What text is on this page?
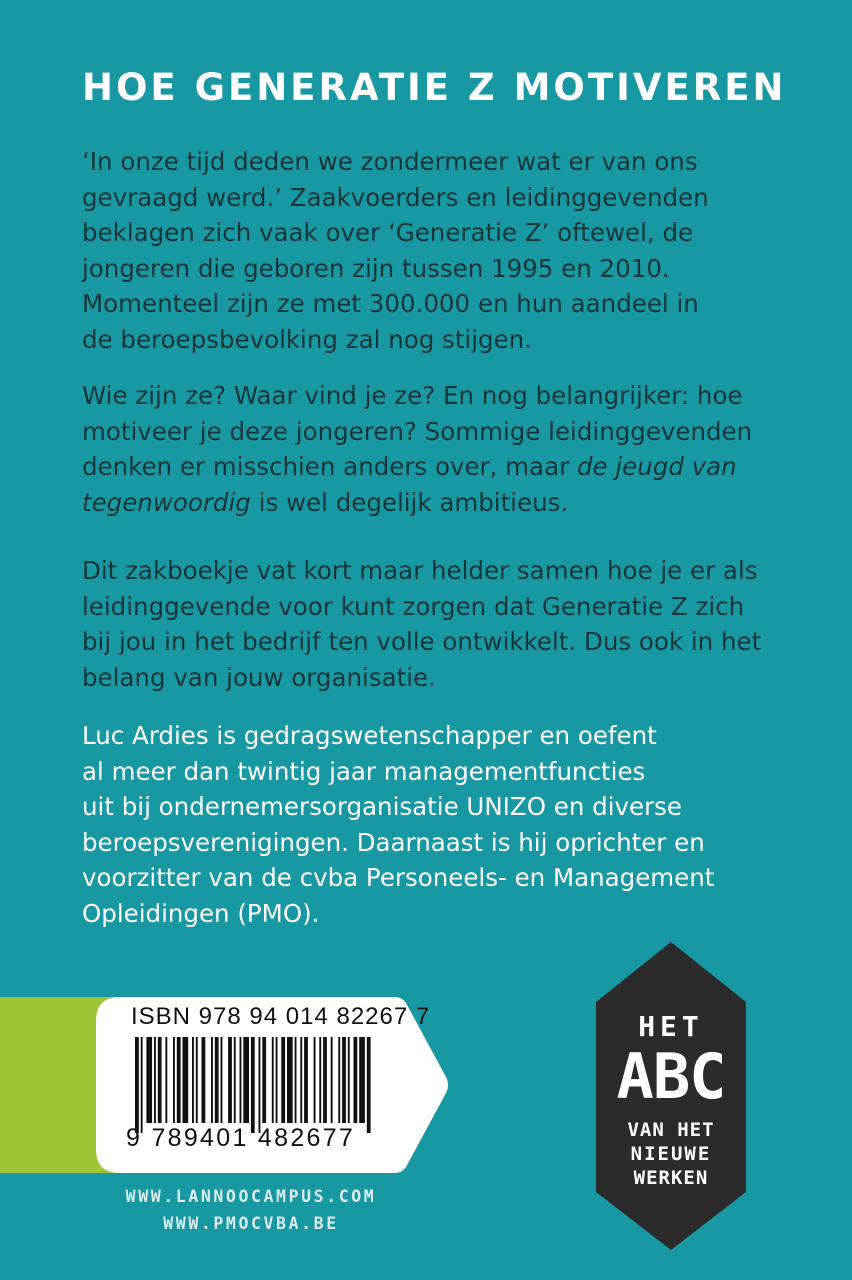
HOE GENERATIE Z MOTIVEREN
‘In onze tijd deden we zondermeer wat er van ons
gevraagd werd.’ Zaakvoerders en leidinggevenden
beklagen zich vaak over ‘Generatie Z’ oftewel, de
jongeren die geboren zijn tussen 1995 en 2010.
Momenteel zijn ze met 300.000 en hun aandeel in
de beroepsbevolking zal nog stijgen.
Wie zijn ze? Waar vind je ze? En nog belangrijker: hoe
motiveer je deze jongeren? Sommige leidinggevenden
denken er misschien anders over, maar de jeugd van
tegenwoordig is wel degelijk ambitieus.
Dit zakboekje vat kort maar helder samen hoe je er als
leidinggevende voor kunt zorgen dat Generatie Z zich
bij jou in het bedrijf ten volle ontwikkelt. Dus ook in het
belang van jouw organisatie.
Luc Ardies is gedragswetenschapper en oefent
al meer dan twintig jaar managementfuncties
uit bij ondernemersorganisatie UNIZO en diverse
beroepsverenigingen. Daarnaast is hij oprichter en
voorzitter van de cvba Personeels- en Management
Opleidingen (PMO).
ISBN 978 94 014 82267 7
9 789401 482677
WWW.LANNOOCAMPUS.COM
WWW.PMOCVBA.BE
HET
ABC
VAN HET
NIEUWE
WERKEN
